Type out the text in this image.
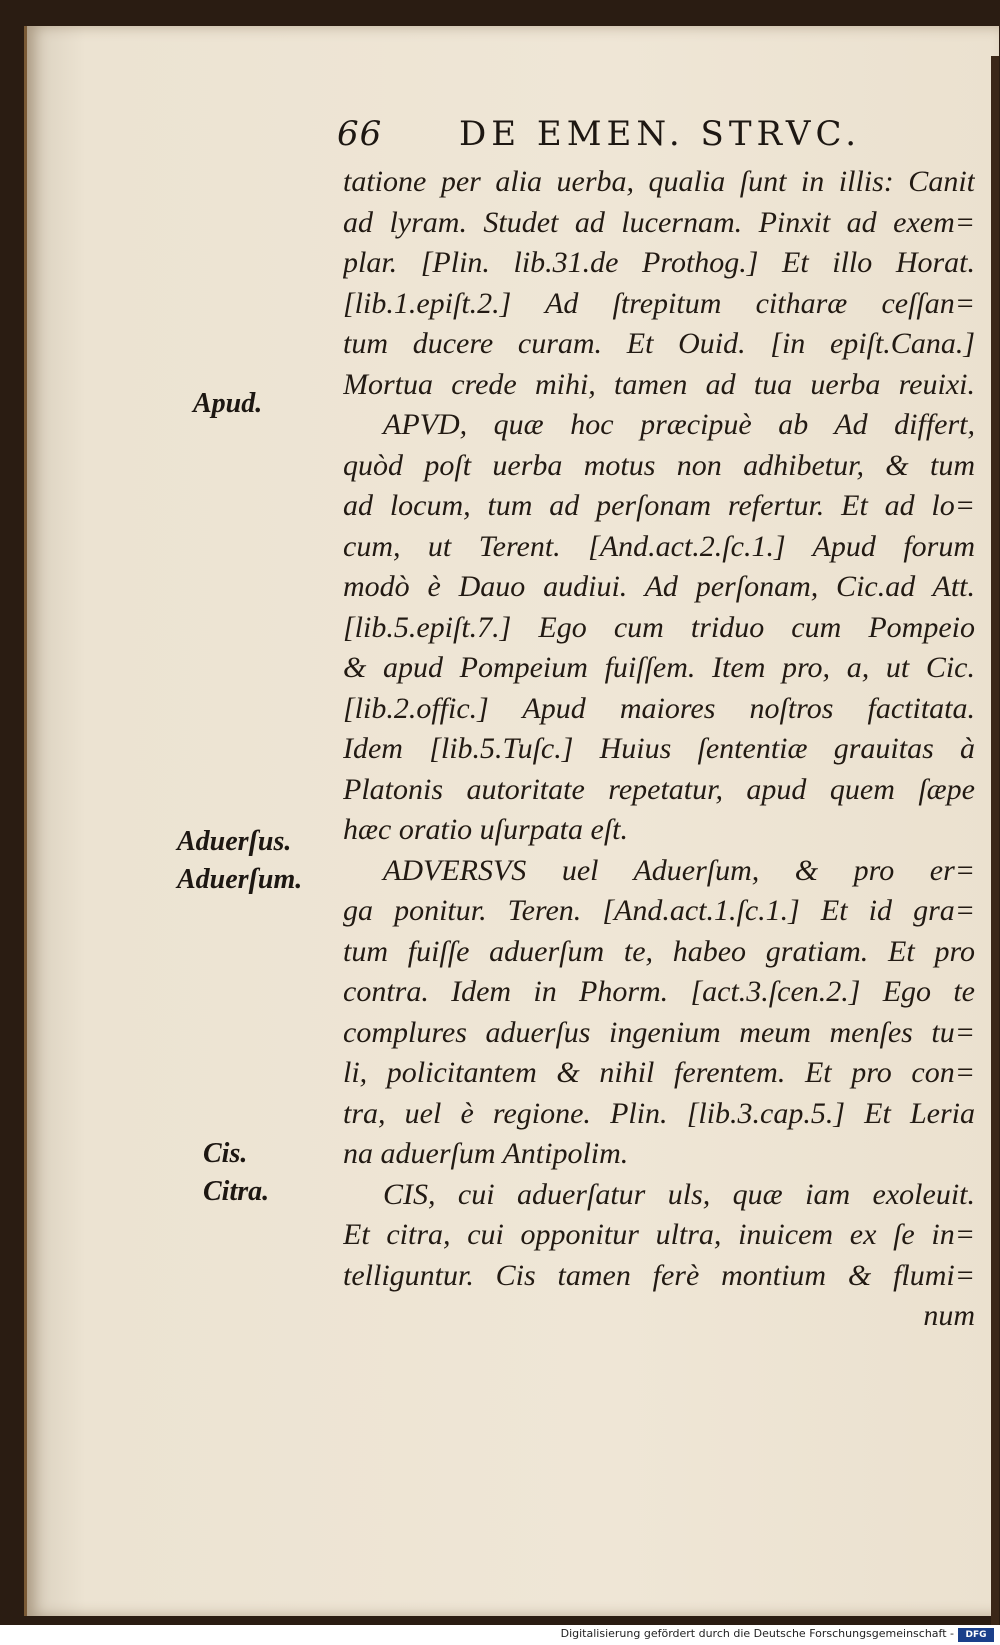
66 DE EMEN. STRVC.
Apud.
Aduerſus.
Aduerſum.
Cis.
Citra.
tatione per alia uerba, qualia ſunt in illis: Canit
ad lyram. Studet ad lucernam. Pinxit ad exem=
plar. [Plin. lib.31.de Prothog.] Et illo Horat.
[lib.1.epiſt.2.] Ad ſtrepitum citharæ ceſſan=
tum ducere curam. Et Ouid. [in epiſt.Cana.]
Mortua crede mihi, tamen ad tua uerba reuixi.
APVD, quæ hoc præcipuè ab Ad differt,
quòd poſt uerba motus non adhibetur, & tum
ad locum, tum ad perſonam refertur. Et ad lo=
cum, ut Terent. [And.act.2.ſc.1.] Apud forum
modò è Dauo audiui. Ad perſonam, Cic.ad Att.
[lib.5.epiſt.7.] Ego cum triduo cum Pompeio
& apud Pompeium fuiſſem. Item pro, a, ut Cic.
[lib.2.offic.] Apud maiores noſtros factitata.
Idem [lib.5.Tuſc.] Huius ſententiæ grauitas à
Platonis autoritate repetatur, apud quem ſæpe
hæc oratio uſurpata eſt.
ADVERSVS uel Aduerſum, & pro er=
ga ponitur. Teren. [And.act.1.ſc.1.] Et id gra=
tum fuiſſe aduerſum te, habeo gratiam. Et pro
contra. Idem in Phorm. [act.3.ſcen.2.] Ego te
complures aduerſus ingenium meum menſes tu=
li, policitantem & nihil ferentem. Et pro con=
tra, uel è regione. Plin. [lib.3.cap.5.] Et Leria
na aduerſum Antipolim.
CIS, cui aduerſatur uls, quæ iam exoleuit.
Et citra, cui opponitur ultra, inuicem ex ſe in=
telliguntur. Cis tamen ferè montium & flumi=
num
Digitalisierung gefördert durch die Deutsche Forschungsgemeinschaft -	DFG
